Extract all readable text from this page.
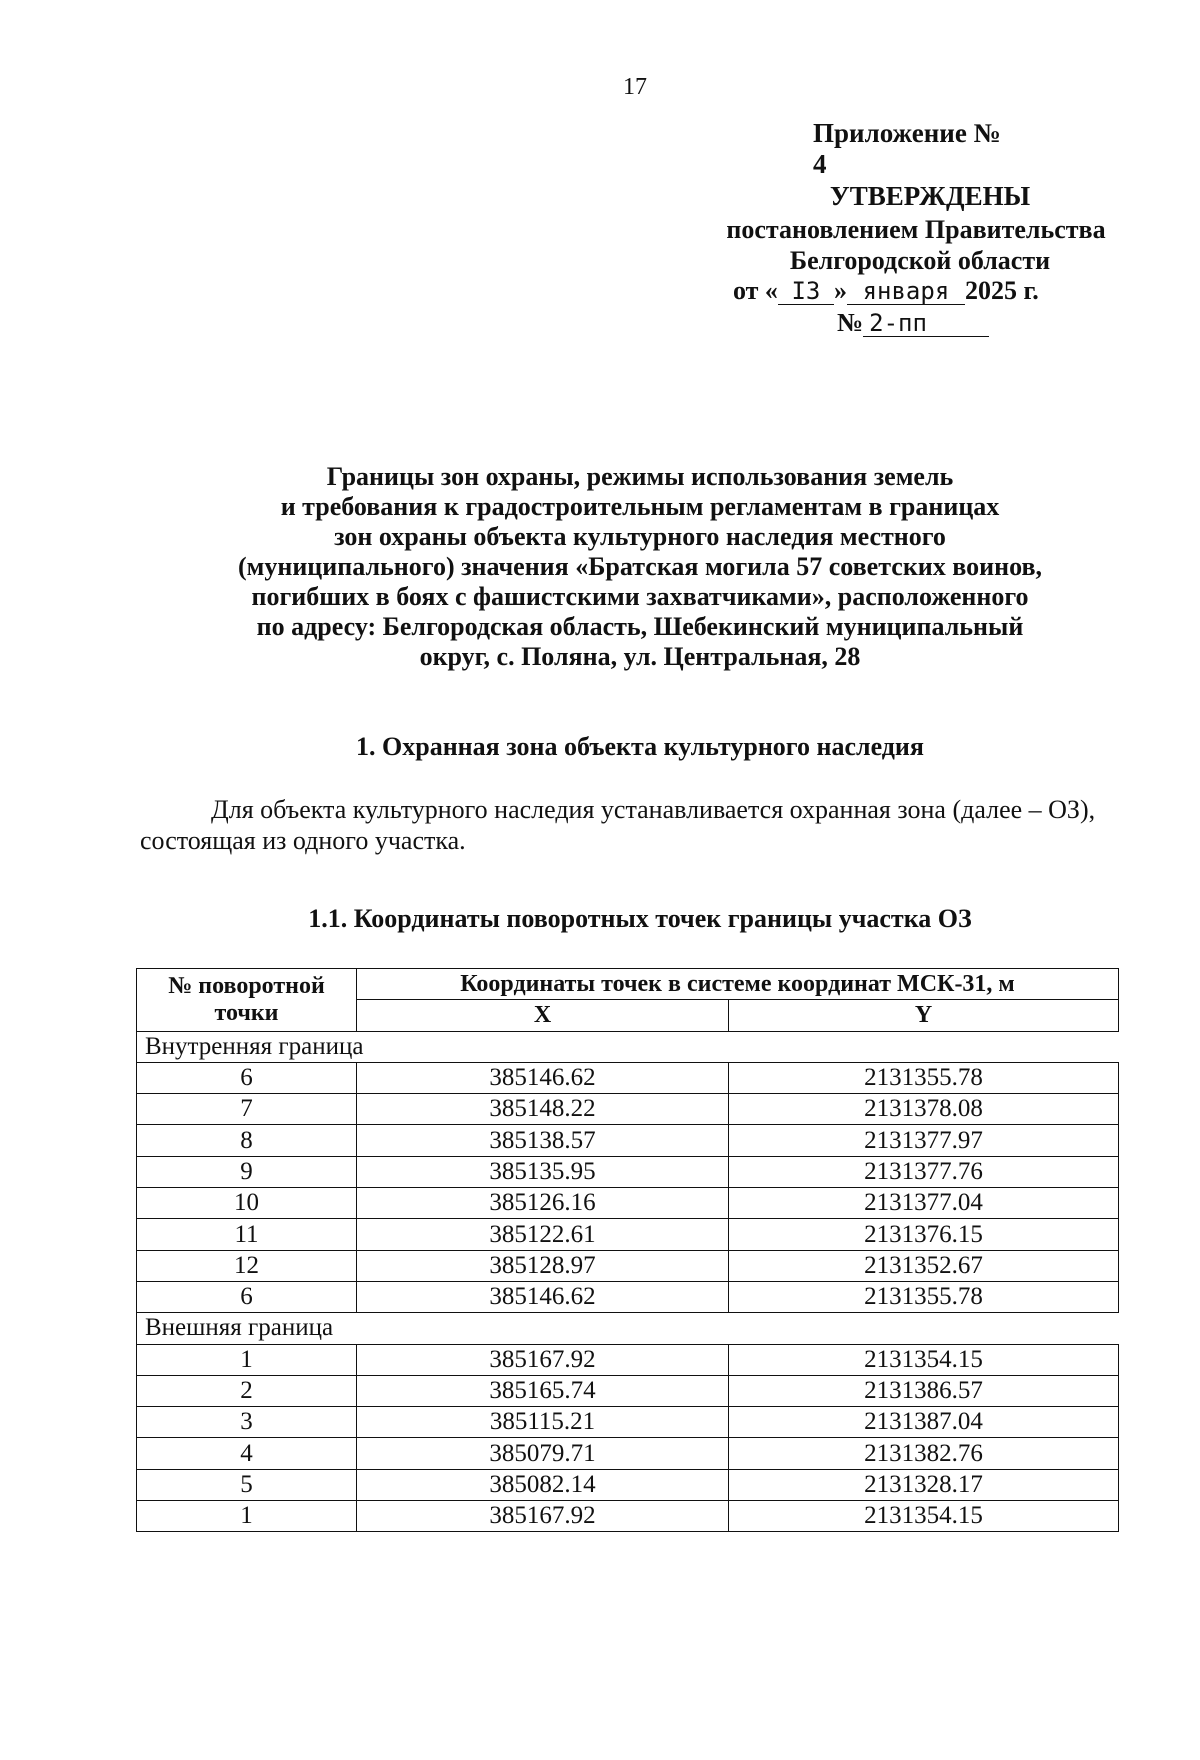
17
Приложение № 4
УТВЕРЖДЕНЫ
постановлением Правительства
Белгородской области
от « I3 » января 2025 г.
№ 2-пп
Границы зон охраны, режимы использования земель
и требования к градостроительным регламентам в границах
зон охраны объекта культурного наследия местного
(муниципального) значения «Братская могила 57 советских воинов,
погибших в боях с фашистскими захватчиками», расположенного
по адресу: Белгородская область, Шебекинский муниципальный
округ, с. Поляна, ул. Центральная, 28
1. Охранная зона объекта культурного наследия

Для объекта культурного наследия устанавливается охранная зона (далее – ОЗ), состоящая из одного участка.

1.1. Координаты поворотных точек границы участка ОЗ
№ поворотной точки	Координаты точек в системе координат МСК-31, м	
	X	Y
Внутренняя граница		
6	385146.62	2131355.78
7	385148.22	2131378.08
8	385138.57	2131377.97
9	385135.95	2131377.76
10	385126.16	2131377.04
11	385122.61	2131376.15
12	385128.97	2131352.67
6	385146.62	2131355.78
Внешняя граница		
1	385167.92	2131354.15
2	385165.74	2131386.57
3	385115.21	2131387.04
4	385079.71	2131382.76
5	385082.14	2131328.17
1	385167.92	2131354.15
